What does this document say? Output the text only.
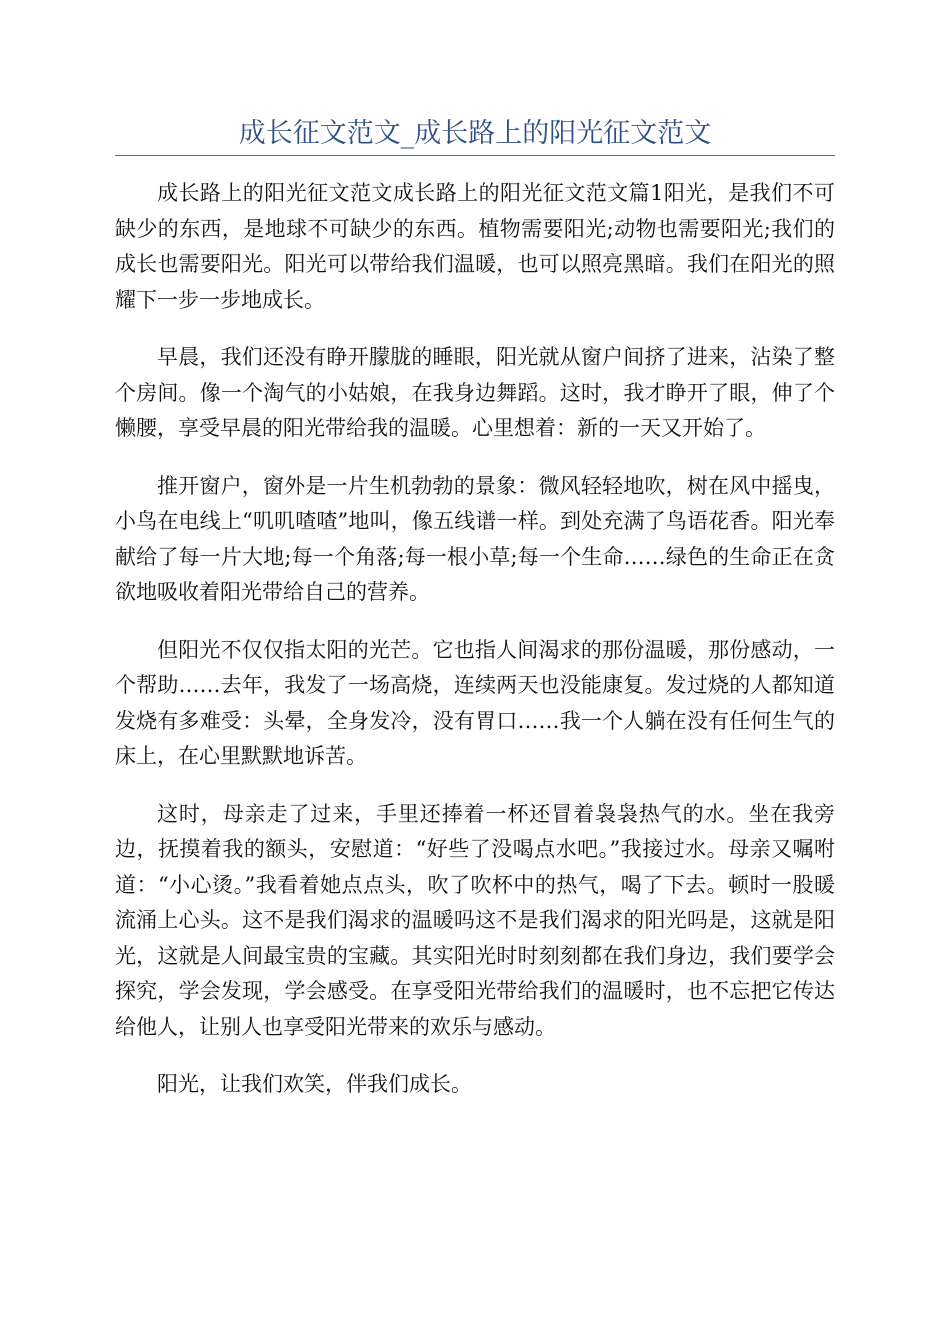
成长征文范文_成长路上的阳光征文范文

成长路上的阳光征文范文成长路上的阳光征文范文篇1阳光，是我们不可缺少的东西，是地球不可缺少的东西。植物需要阳光;动物也需要阳光;我们的成长也需要阳光。阳光可以带给我们温暖，也可以照亮黑暗。我们在阳光的照耀下一步一步地成长。

早晨，我们还没有睁开朦胧的睡眼，阳光就从窗户间挤了进来，沾染了整个房间。像一个淘气的小姑娘，在我身边舞蹈。这时，我才睁开了眼，伸了个懒腰，享受早晨的阳光带给我的温暖。心里想着：新的一天又开始了。

推开窗户，窗外是一片生机勃勃的景象：微风轻轻地吹，树在风中摇曳，小鸟在电线上“叽叽喳喳”地叫，像五线谱一样。到处充满了鸟语花香。阳光奉献给了每一片大地;每一个角落;每一根小草;每一个生命……绿色的生命正在贪欲地吸收着阳光带给自己的营养。

但阳光不仅仅指太阳的光芒。它也指人间渴求的那份温暖，那份感动，一个帮助……去年，我发了一场高烧，连续两天也没能康复。发过烧的人都知道发烧有多难受：头晕，全身发冷，没有胃口……我一个人躺在没有任何生气的床上，在心里默默地诉苦。

这时，母亲走了过来，手里还捧着一杯还冒着袅袅热气的水。坐在我旁边，抚摸着我的额头，安慰道：“好些了没喝点水吧。”我接过水。母亲又嘱咐道：“小心烫。”我看着她点点头，吹了吹杯中的热气，喝了下去。顿时一股暖流涌上心头。这不是我们渴求的温暖吗这不是我们渴求的阳光吗是，这就是阳光，这就是人间最宝贵的宝藏。其实阳光时时刻刻都在我们身边，我们要学会探究，学会发现，学会感受。在享受阳光带给我们的温暖时，也不忘把它传达给他人，让别人也享受阳光带来的欢乐与感动。

阳光，让我们欢笑，伴我们成长。
